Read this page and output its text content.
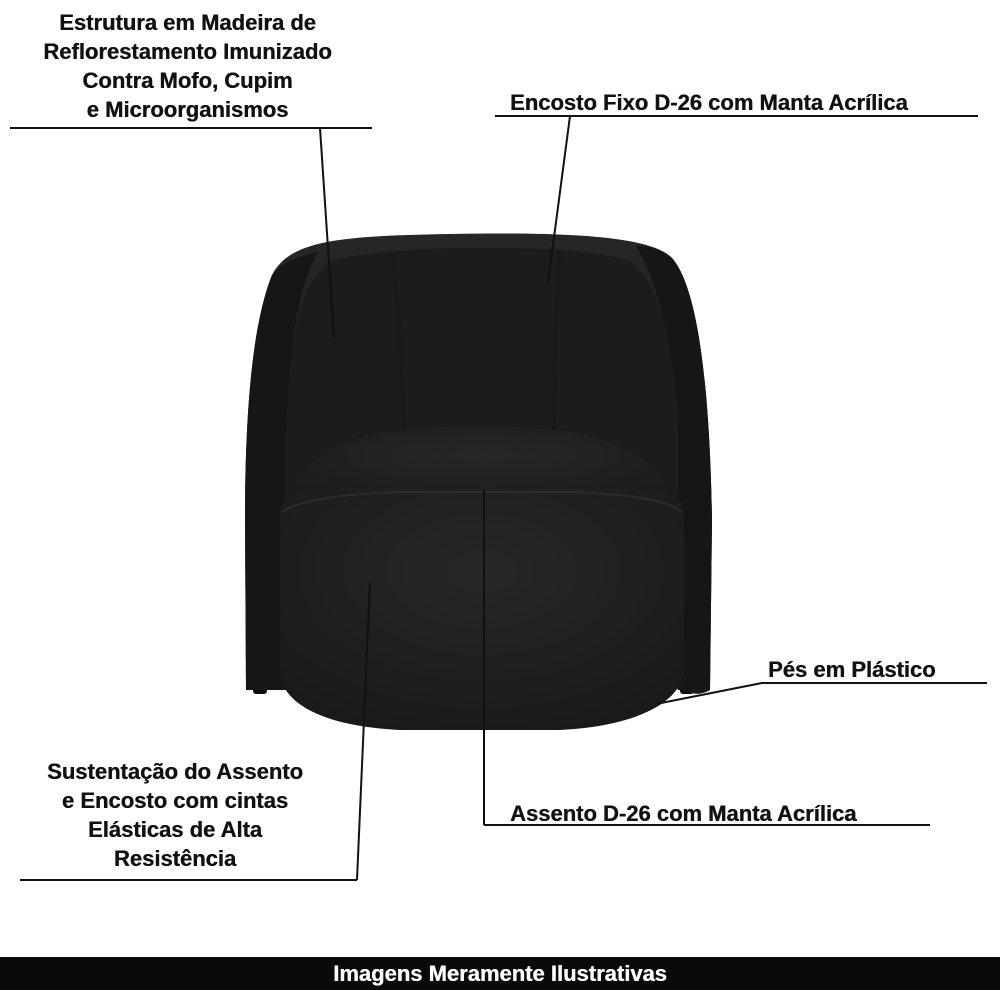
Estrutura em Madeira de
Reflorestamento Imunizado
Contra Mofo, Cupim
e Microorganismos	Encosto Fixo D-26 com Manta Acrílica
Pés em Plástico
Sustentação do Assento
e Encosto com cintas
Elásticas de Alta
Resistência
Assento D-26 com Manta Acrílica
Imagens Meramente Ilustrativas
